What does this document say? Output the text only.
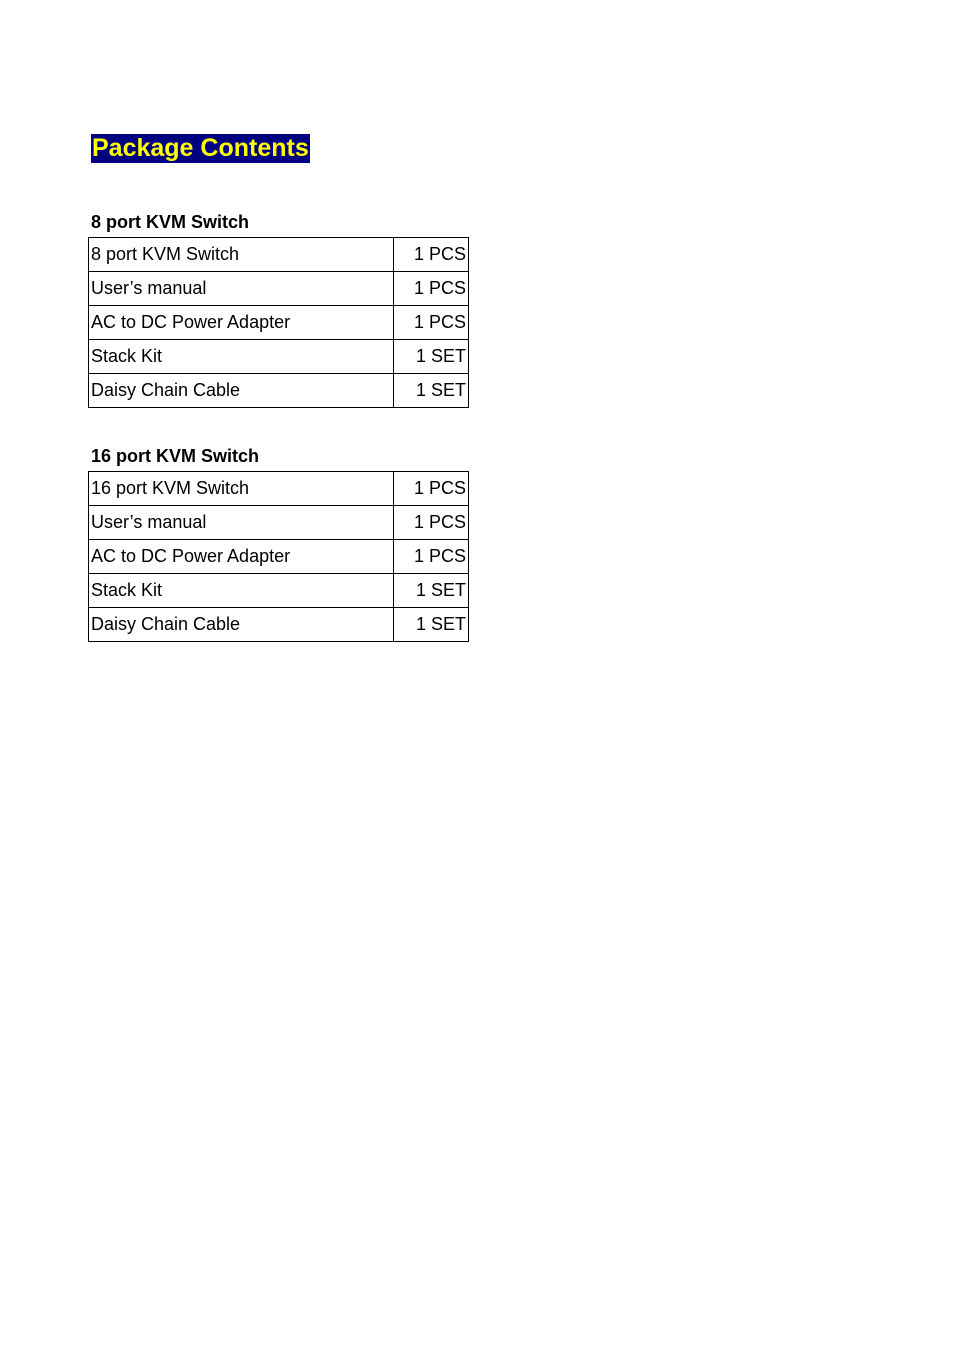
Package Contents
8 port KVM Switch
8 port KVM Switch	1 PCS
User’s manual	1 PCS
AC to DC Power Adapter	1 PCS
Stack Kit	1 SET
Daisy Chain Cable	1 SET
16 port KVM Switch
16 port KVM Switch	1 PCS
User’s manual	1 PCS
AC to DC Power Adapter	1 PCS
Stack Kit	1 SET
Daisy Chain Cable	1 SET
